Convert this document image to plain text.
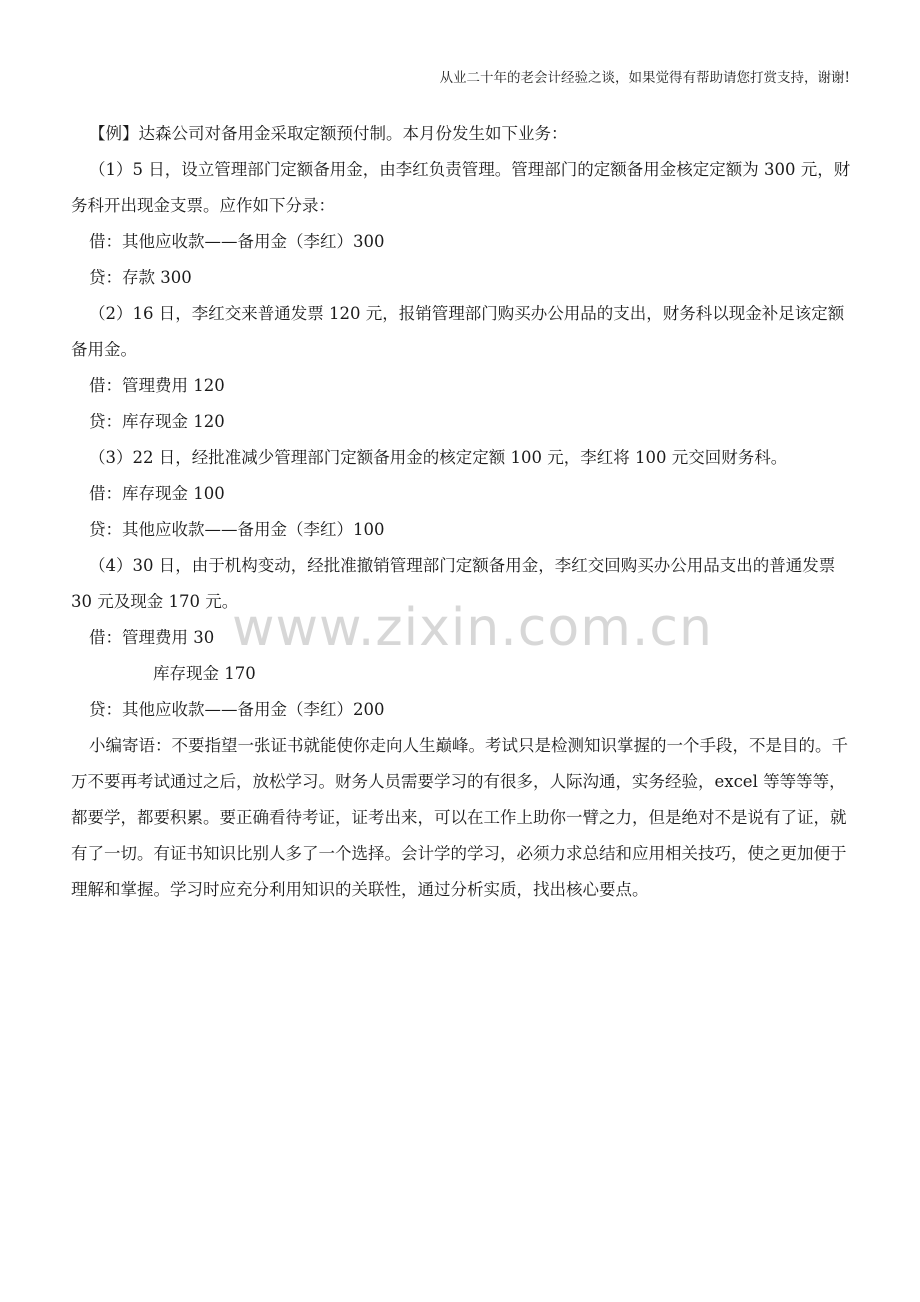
从业二十年的老会计经验之谈，如果觉得有帮助请您打赏支持，谢谢!

【例】达森公司对备用金采取定额预付制。本月份发生如下业务：

（1）5 日，设立管理部门定额备用金，由李红负责管理。管理部门的定额备用金核定定额为 300 元，财务科开出现金支票。应作如下分录：

借：其他应收款——备用金（李红）300

贷：存款 300

（2）16 日，李红交来普通发票 120 元，报销管理部门购买办公用品的支出，财务科以现金补足该定额备用金。

借：管理费用 120

贷：库存现金 120

（3）22 日，经批准减少管理部门定额备用金的核定定额 100 元，李红将 100 元交回财务科。

借：库存现金 100

贷：其他应收款——备用金（李红）100

（4）30 日，由于机构变动，经批准撤销管理部门定额备用金，李红交回购买办公用品支出的普通发票 30 元及现金 170 元。

借：管理费用 30

库存现金 170

贷：其他应收款——备用金（李红）200

小编寄语：不要指望一张证书就能使你走向人生巅峰。考试只是检测知识掌握的一个手段，不是目的。千万不要再考试通过之后，放松学习。财务人员需要学习的有很多，人际沟通，实务经验，excel 等等等等，都要学，都要积累。要正确看待考证，证考出来，可以在工作上助你一臂之力，但是绝对不是说有了证，就有了一切。有证书知识比别人多了一个选择。会计学的学习，必须力求总结和应用相关技巧，使之更加便于理解和掌握。学习时应充分利用知识的关联性，通过分析实质，找出核心要点。

www.zixin.com.cn
